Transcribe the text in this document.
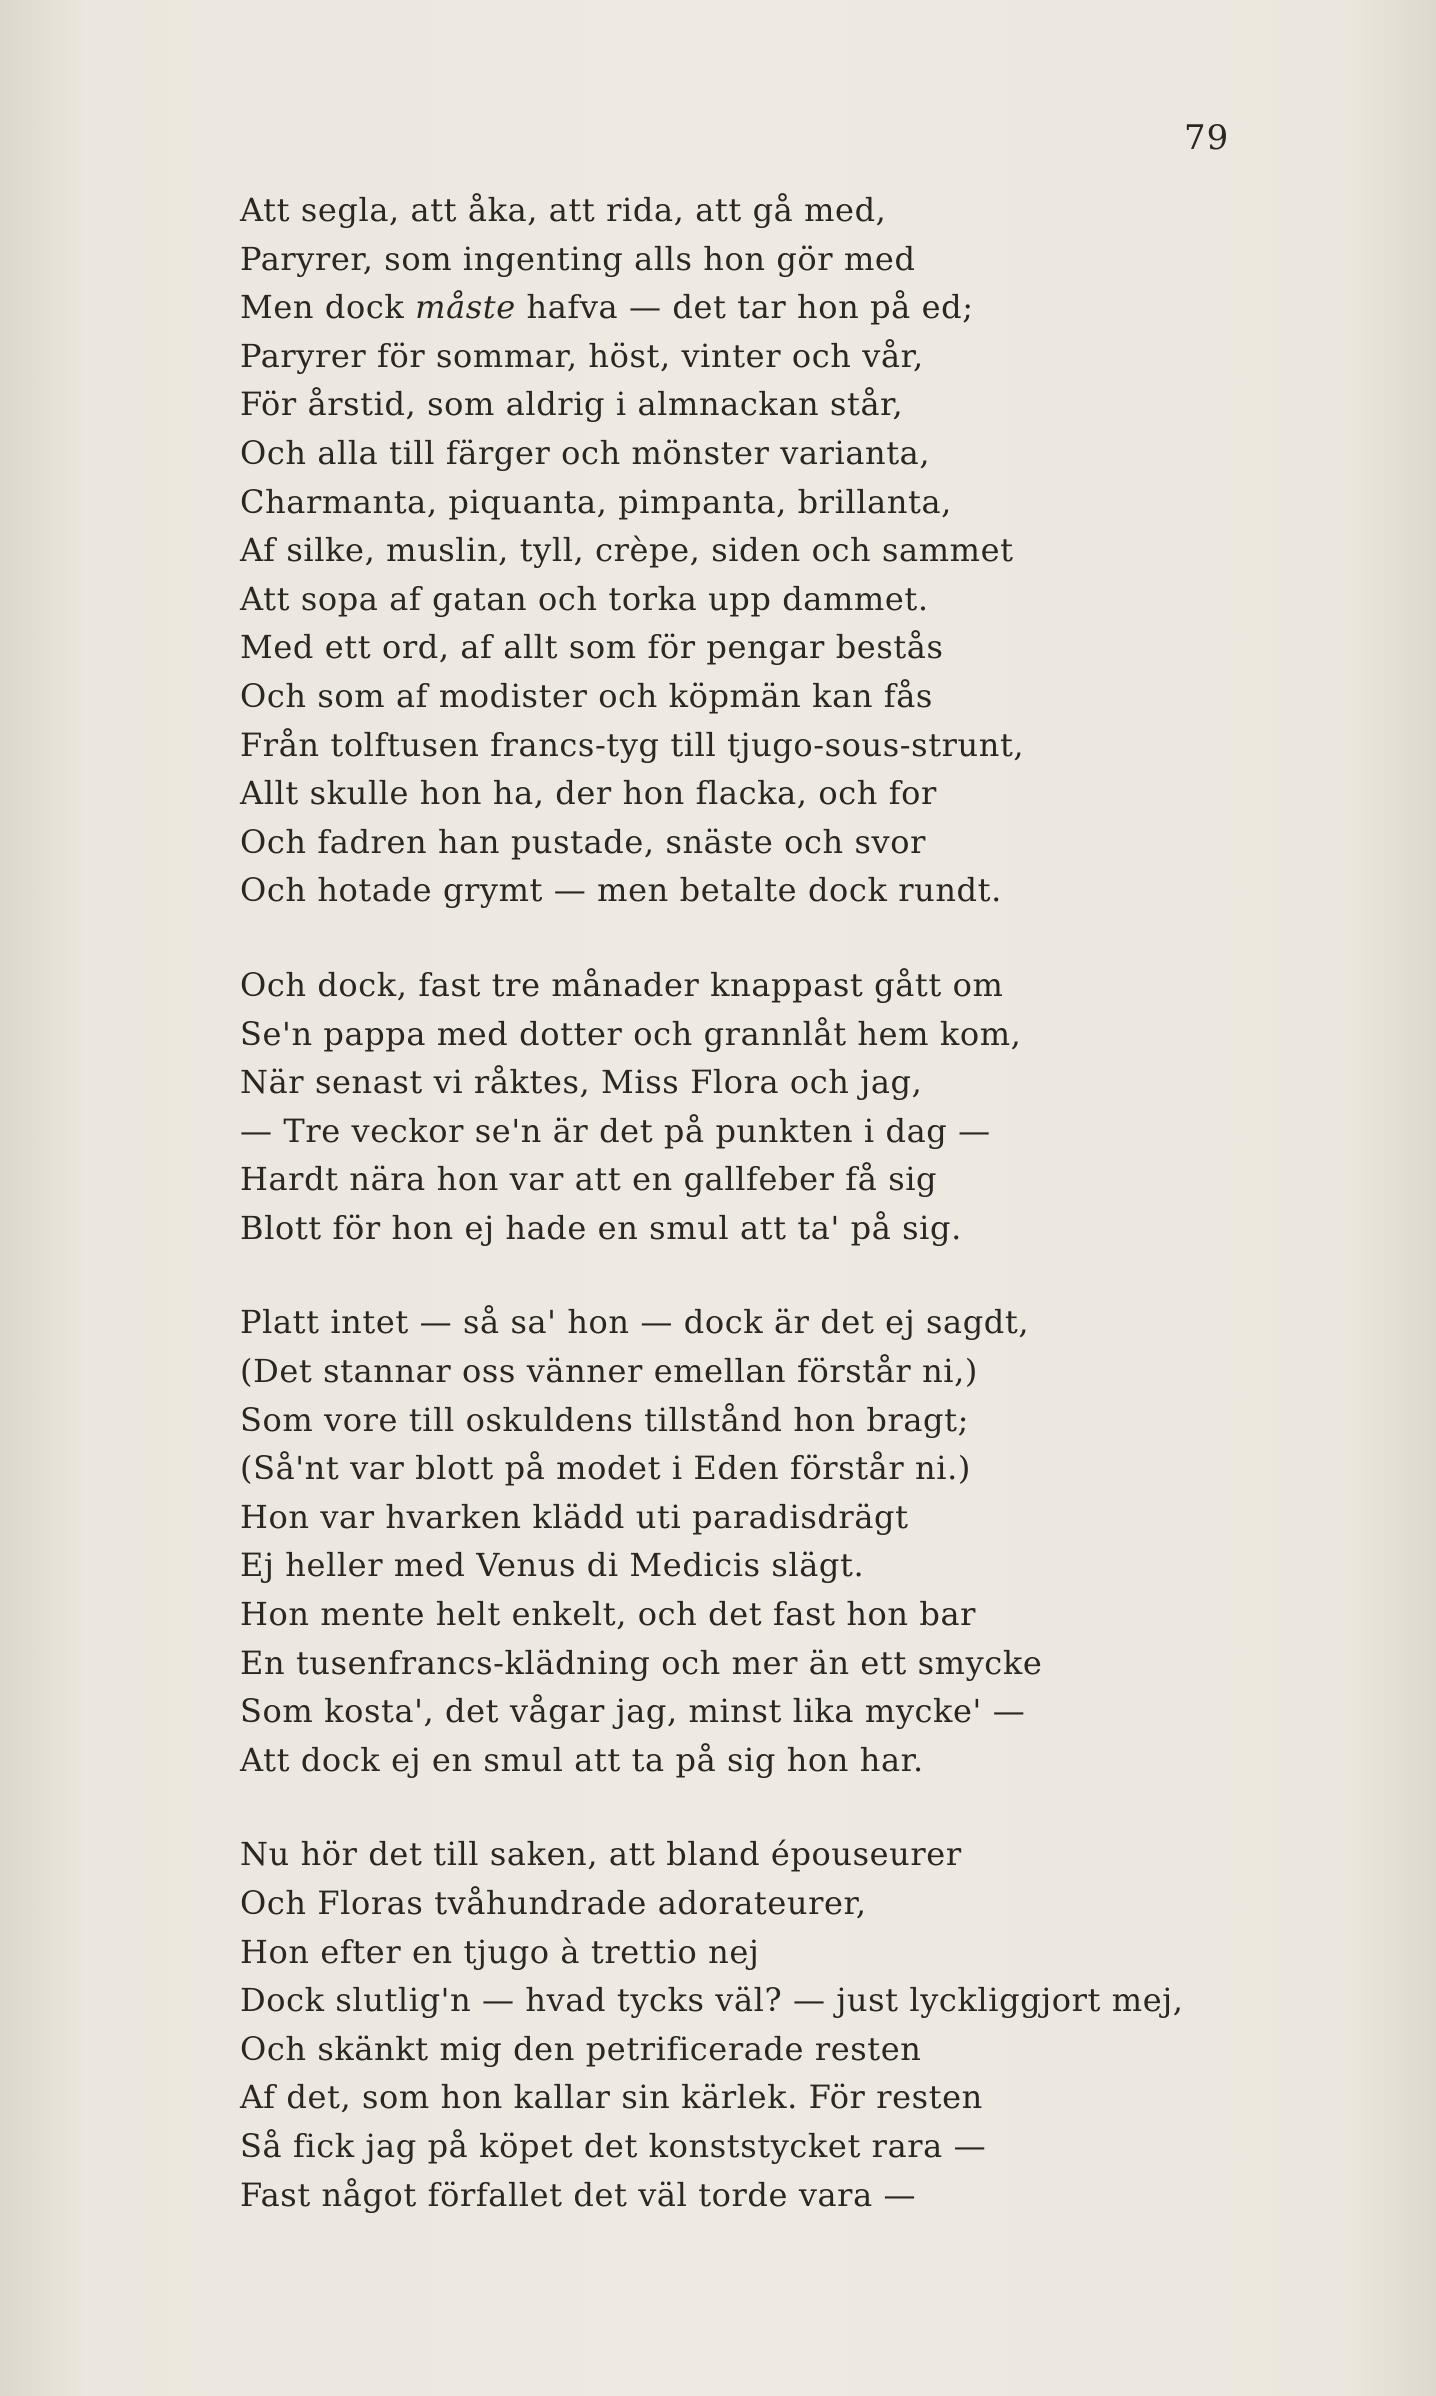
79
Att segla, att åka, att rida, att gå med,
Paryrer, som ingenting alls hon gör med
Men dock måste hafva — det tar hon på ed;
Paryrer för sommar, höst, vinter och vår,
För årstid, som aldrig i almnackan står,
Och alla till färger och mönster varianta,
Charmanta, piquanta, pimpanta, brillanta,
Af silke, muslin, tyll, crèpe, siden och sammet
Att sopa af gatan och torka upp dammet.
Med ett ord, af allt som för pengar bestås
Och som af modister och köpmän kan fås
Från tolftusen francs-tyg till tjugo-sous-strunt,
Allt skulle hon ha, der hon flacka, och for
Och fadren han pustade, snäste och svor
Och hotade grymt — men betalte dock rundt.
Och dock, fast tre månader knappast gått om
Se'n pappa med dotter och grannlåt hem kom,
När senast vi råktes, Miss Flora och jag,
— Tre veckor se'n är det på punkten i dag —
Hardt nära hon var att en gallfeber få sig
Blott för hon ej hade en smul att ta' på sig.
Platt intet — så sa' hon — dock är det ej sagdt,
(Det stannar oss vänner emellan förstår ni,)
Som vore till oskuldens tillstånd hon bragt;
(Så'nt var blott på modet i Eden förstår ni.)
Hon var hvarken klädd uti paradisdrägt
Ej heller med Venus di Medicis slägt.
Hon mente helt enkelt, och det fast hon bar
En tusenfrancs-klädning och mer än ett smycke
Som kosta', det vågar jag, minst lika mycke' —
Att dock ej en smul att ta på sig hon har.
Nu hör det till saken, att bland épouseurer
Och Floras tvåhundrade adorateurer,
Hon efter en tjugo à trettio nej
Dock slutlig'n — hvad tycks väl? — just lyckliggjort mej,
Och skänkt mig den petrificerade resten
Af det, som hon kallar sin kärlek. För resten
Så fick jag på köpet det konststycket rara —
Fast något förfallet det väl torde vara —
